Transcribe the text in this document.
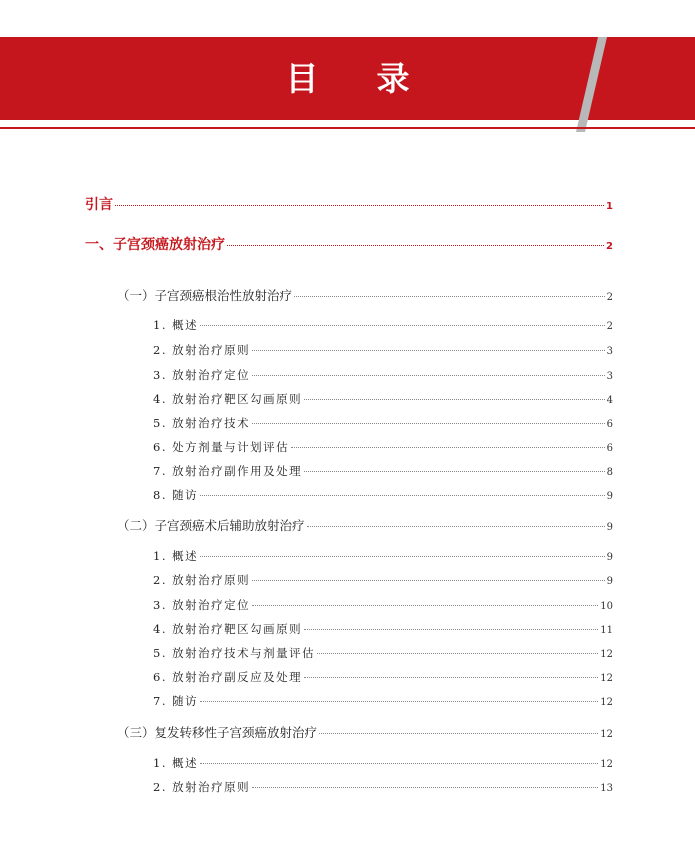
目录
引言	1
一、子宫颈癌放射治疗	2
（一）子宫颈癌根治性放射治疗	2
1. 概述	2
2. 放射治疗原则	3
3. 放射治疗定位	3
4. 放射治疗靶区勾画原则	4
5. 放射治疗技术	6
6. 处方剂量与计划评估	6
7. 放射治疗副作用及处理	8
8. 随访	9
（二）子宫颈癌术后辅助放射治疗	9
1. 概述	9
2. 放射治疗原则	9
3. 放射治疗定位	10
4. 放射治疗靶区勾画原则	11
5. 放射治疗技术与剂量评估	12
6. 放射治疗副反应及处理	12
7. 随访	12
（三）复发转移性子宫颈癌放射治疗	12
1. 概述	12
2. 放射治疗原则	13
